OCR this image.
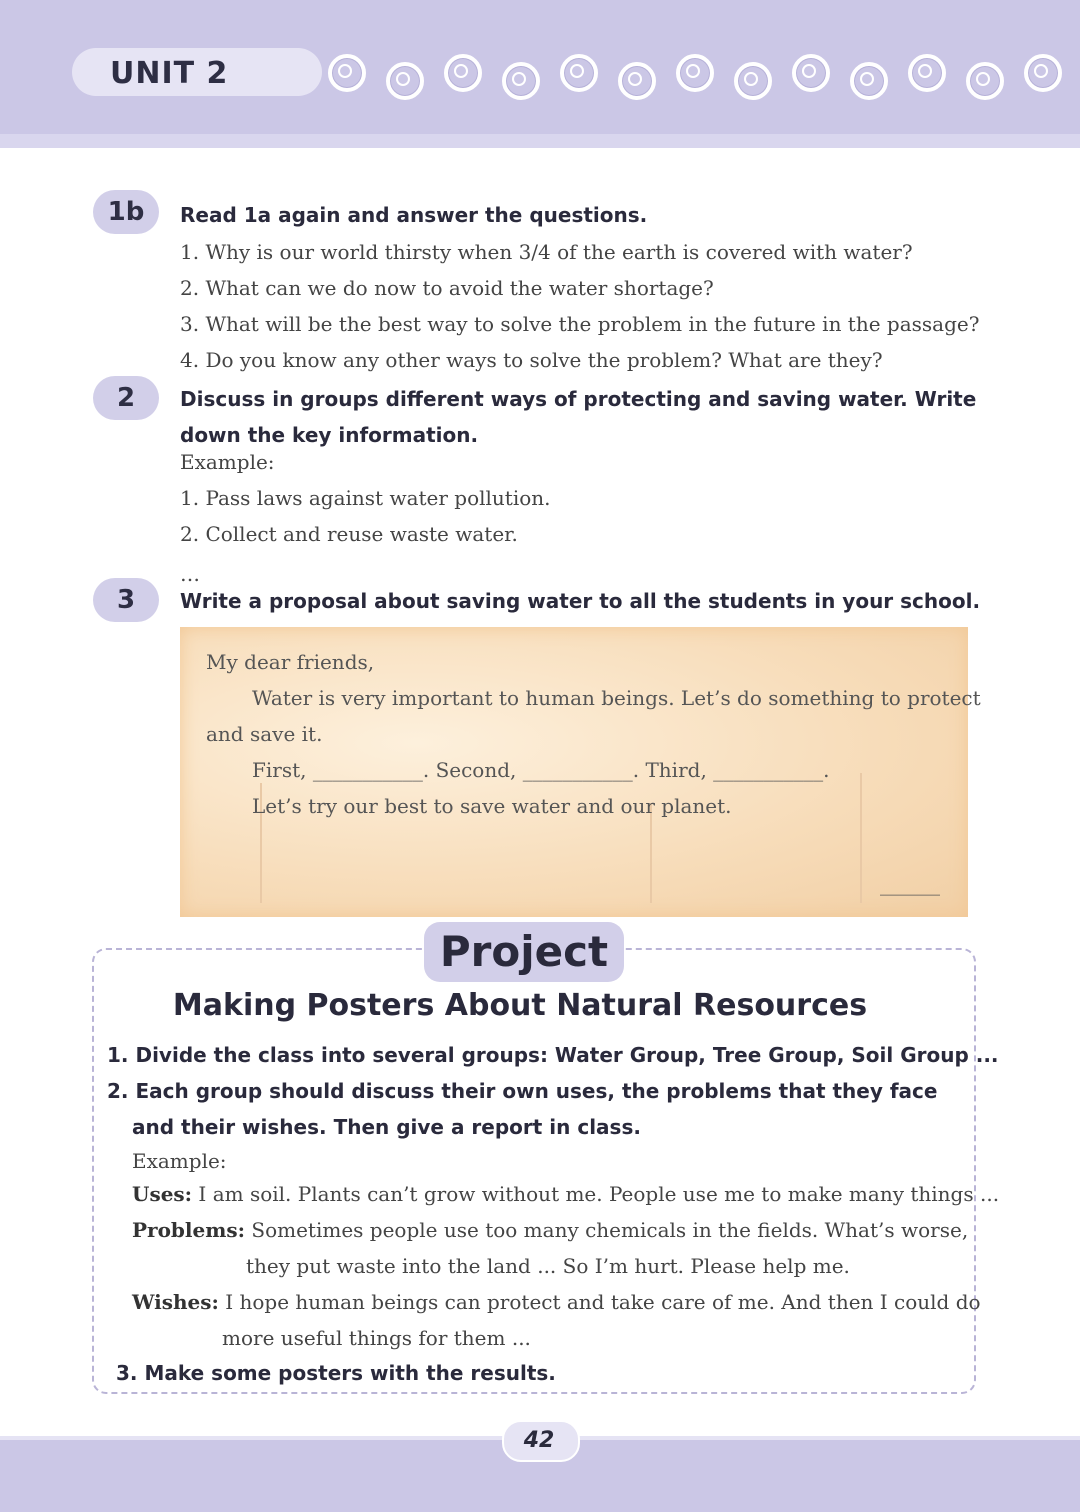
UNIT 2
1b	Read 1a again and answer the questions.
1. Why is our world thirsty when 3/4 of the earth is covered with water?
2. What can we do now to avoid the water shortage?
3. What will be the best way to solve the problem in the future in the passage?
4. Do you know any other ways to solve the problem? What are they?
2	Discuss in groups different ways of protecting and saving water. Write
down the key information.
Example:
1. Pass laws against water pollution.
2. Collect and reuse waste water.
…
3	Write a proposal about saving water to all the students in your school.
My dear friends,
Water is very important to human beings. Let’s do something to protect
and save it.
First, ___________. Second, ___________. Third, ___________.
Let’s try our best to save water and our planet.
______
Project
Making Posters About Natural Resources
1. Divide the class into several groups: Water Group, Tree Group, Soil Group ...
2. Each group should discuss their own uses, the problems that they face
and their wishes. Then give a report in class.
Example:
Uses: I am soil. Plants can’t grow without me. People use me to make many things ...
Problems: Sometimes people use too many chemicals in the fields. What’s worse,
they put waste into the land ... So I’m hurt. Please help me.
Wishes: I hope human beings can protect and take care of me. And then I could do
more useful things for them ...
3. Make some posters with the results.
42
